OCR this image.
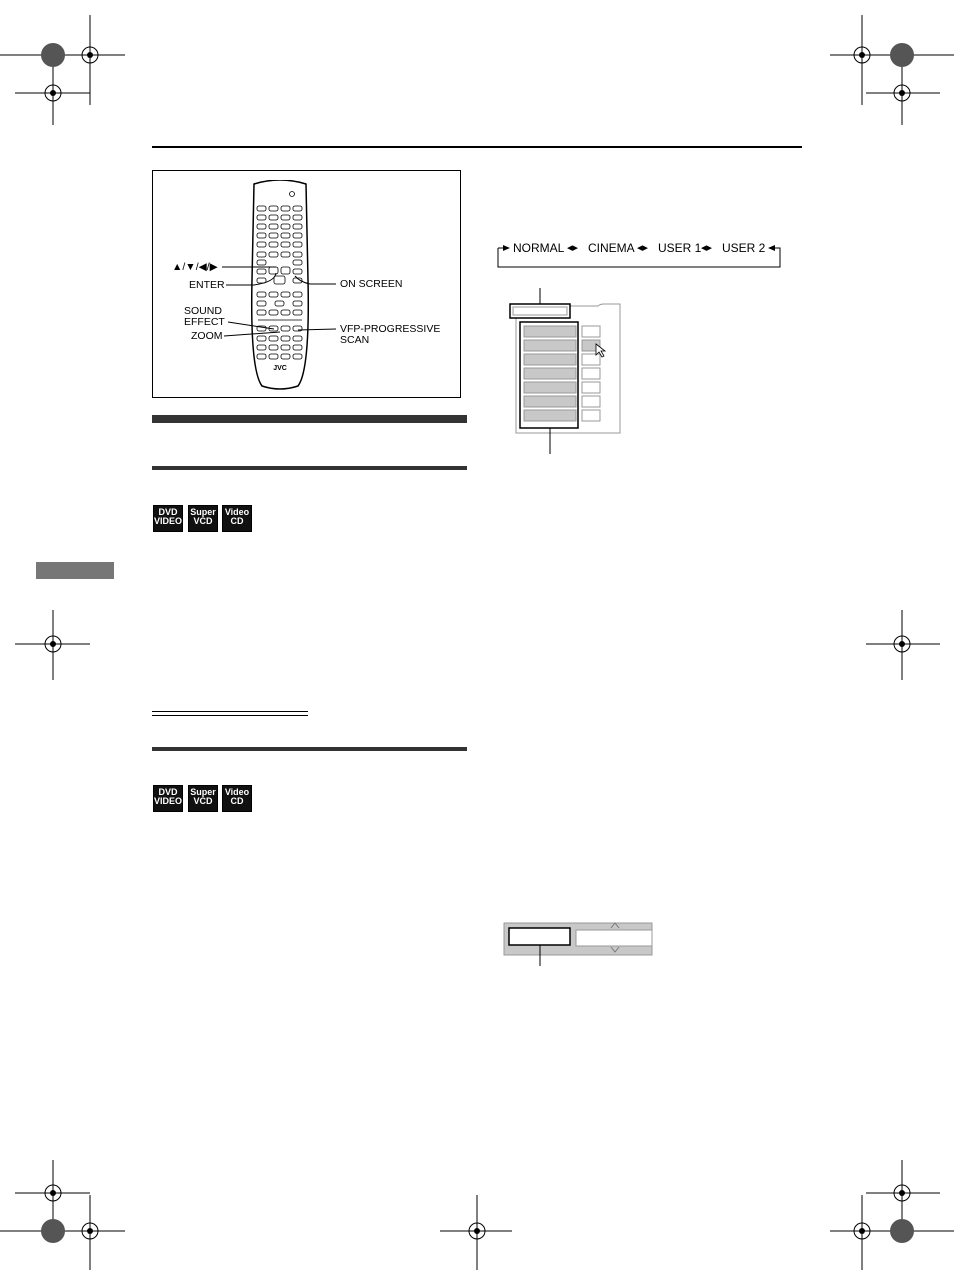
JVC
▲/▼/◀/▶
ENTER	ON SCREEN
SOUND
EFFECT
ZOOM
VFP-PROGRESSIVE
SCAN
DVD
VIDEO
Super
VCD
Video
CD
DVD
VIDEO
Super
VCD
Video
CD
NORMAL ◂▸ CINEMA ◂▸ USER 1 ◂▸ USER 2
